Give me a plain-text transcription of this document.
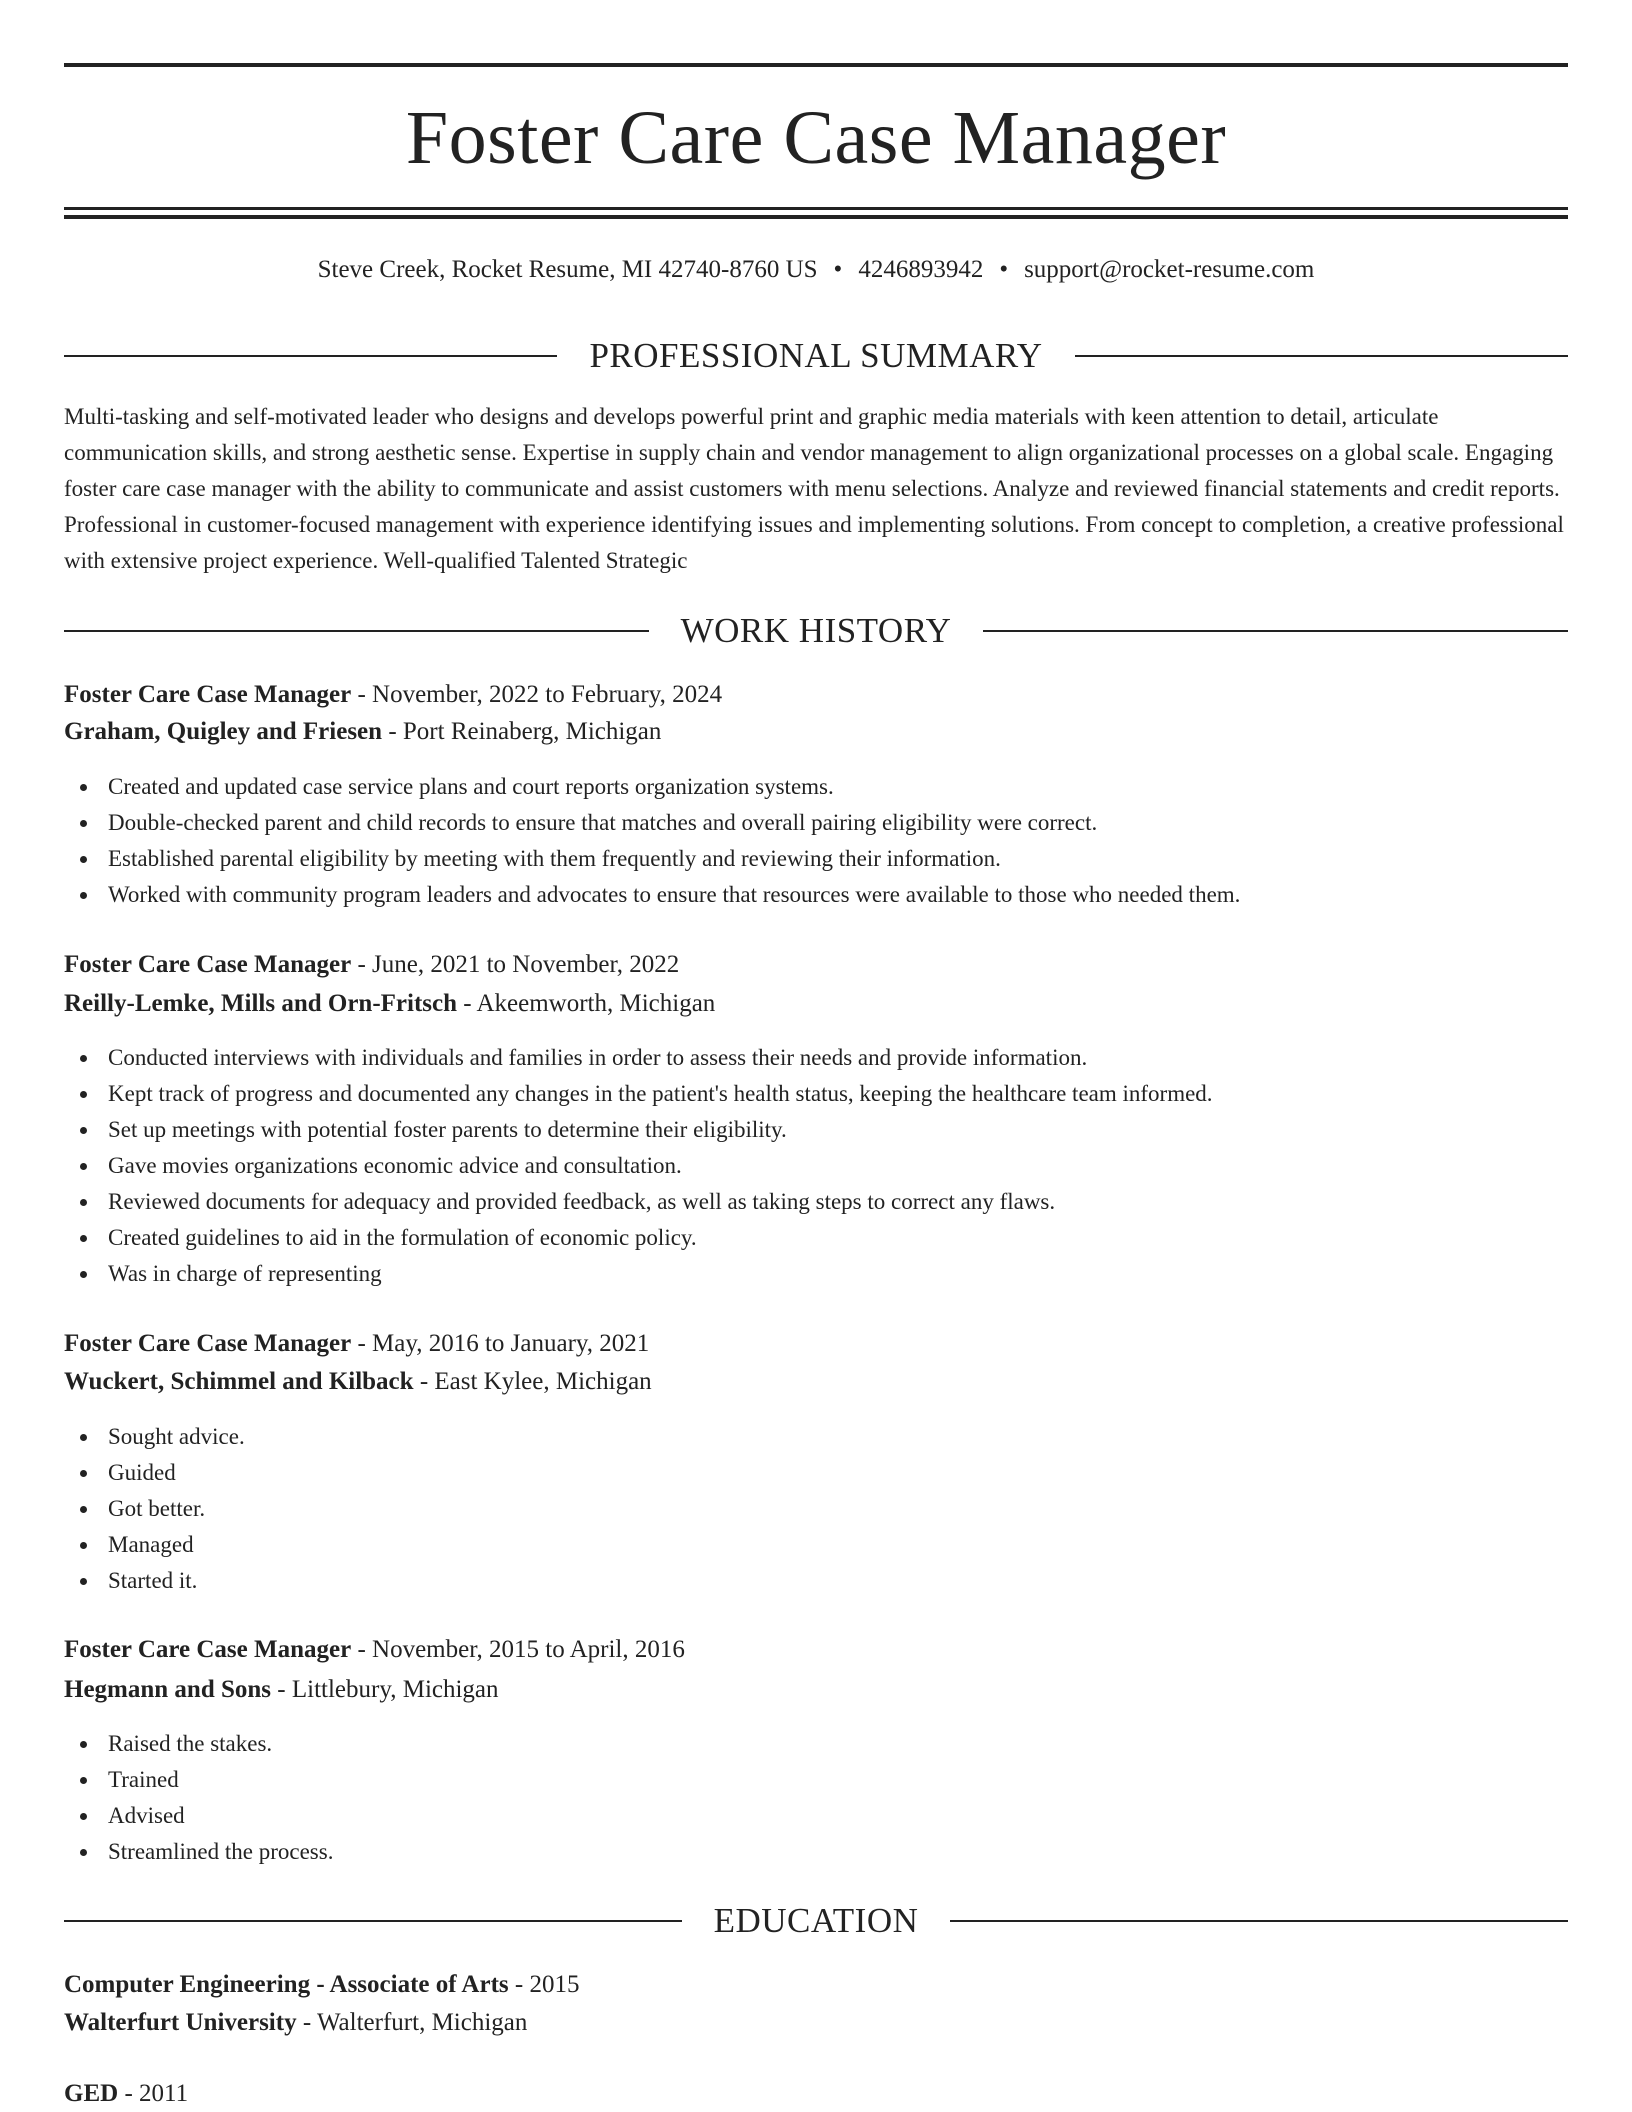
Foster Care Case Manager
Steve Creek, Rocket Resume, MI 42740-8760 US • 4246893942 • support@rocket-resume.com
PROFESSIONAL SUMMARY

Multi-tasking and self-motivated leader who designs and develops powerful print and graphic media materials with keen attention to detail, articulate communication skills, and strong aesthetic sense. Expertise in supply chain and vendor management to align organizational processes on a global scale. Engaging foster care case manager with the ability to communicate and assist customers with menu selections. Analyze and reviewed financial statements and credit reports. Professional in customer-focused management with experience identifying issues and implementing solutions. From concept to completion, a creative professional with extensive project experience. Well-qualified Talented Strategic

WORK HISTORY
Foster Care Case Manager - November, 2022 to February, 2024
Graham, Quigley and Friesen - Port Reinaberg, Michigan
Created and updated case service plans and court reports organization systems.
Double-checked parent and child records to ensure that matches and overall pairing eligibility were correct.
Established parental eligibility by meeting with them frequently and reviewing their information.
Worked with community program leaders and advocates to ensure that resources were available to those who needed them.
Foster Care Case Manager - June, 2021 to November, 2022
Reilly-Lemke, Mills and Orn-Fritsch - Akeemworth, Michigan
Conducted interviews with individuals and families in order to assess their needs and provide information.
Kept track of progress and documented any changes in the patient's health status, keeping the healthcare team informed.
Set up meetings with potential foster parents to determine their eligibility.
Gave movies organizations economic advice and consultation.
Reviewed documents for adequacy and provided feedback, as well as taking steps to correct any flaws.
Created guidelines to aid in the formulation of economic policy.
Was in charge of representing
Foster Care Case Manager - May, 2016 to January, 2021
Wuckert, Schimmel and Kilback - East Kylee, Michigan
Sought advice.
Guided
Got better.
Managed
Started it.
Foster Care Case Manager - November, 2015 to April, 2016
Hegmann and Sons - Littlebury, Michigan
Raised the stakes.
Trained
Advised
Streamlined the process.
EDUCATION
Computer Engineering - Associate of Arts - 2015
Walterfurt University - Walterfurt, Michigan
GED - 2011
